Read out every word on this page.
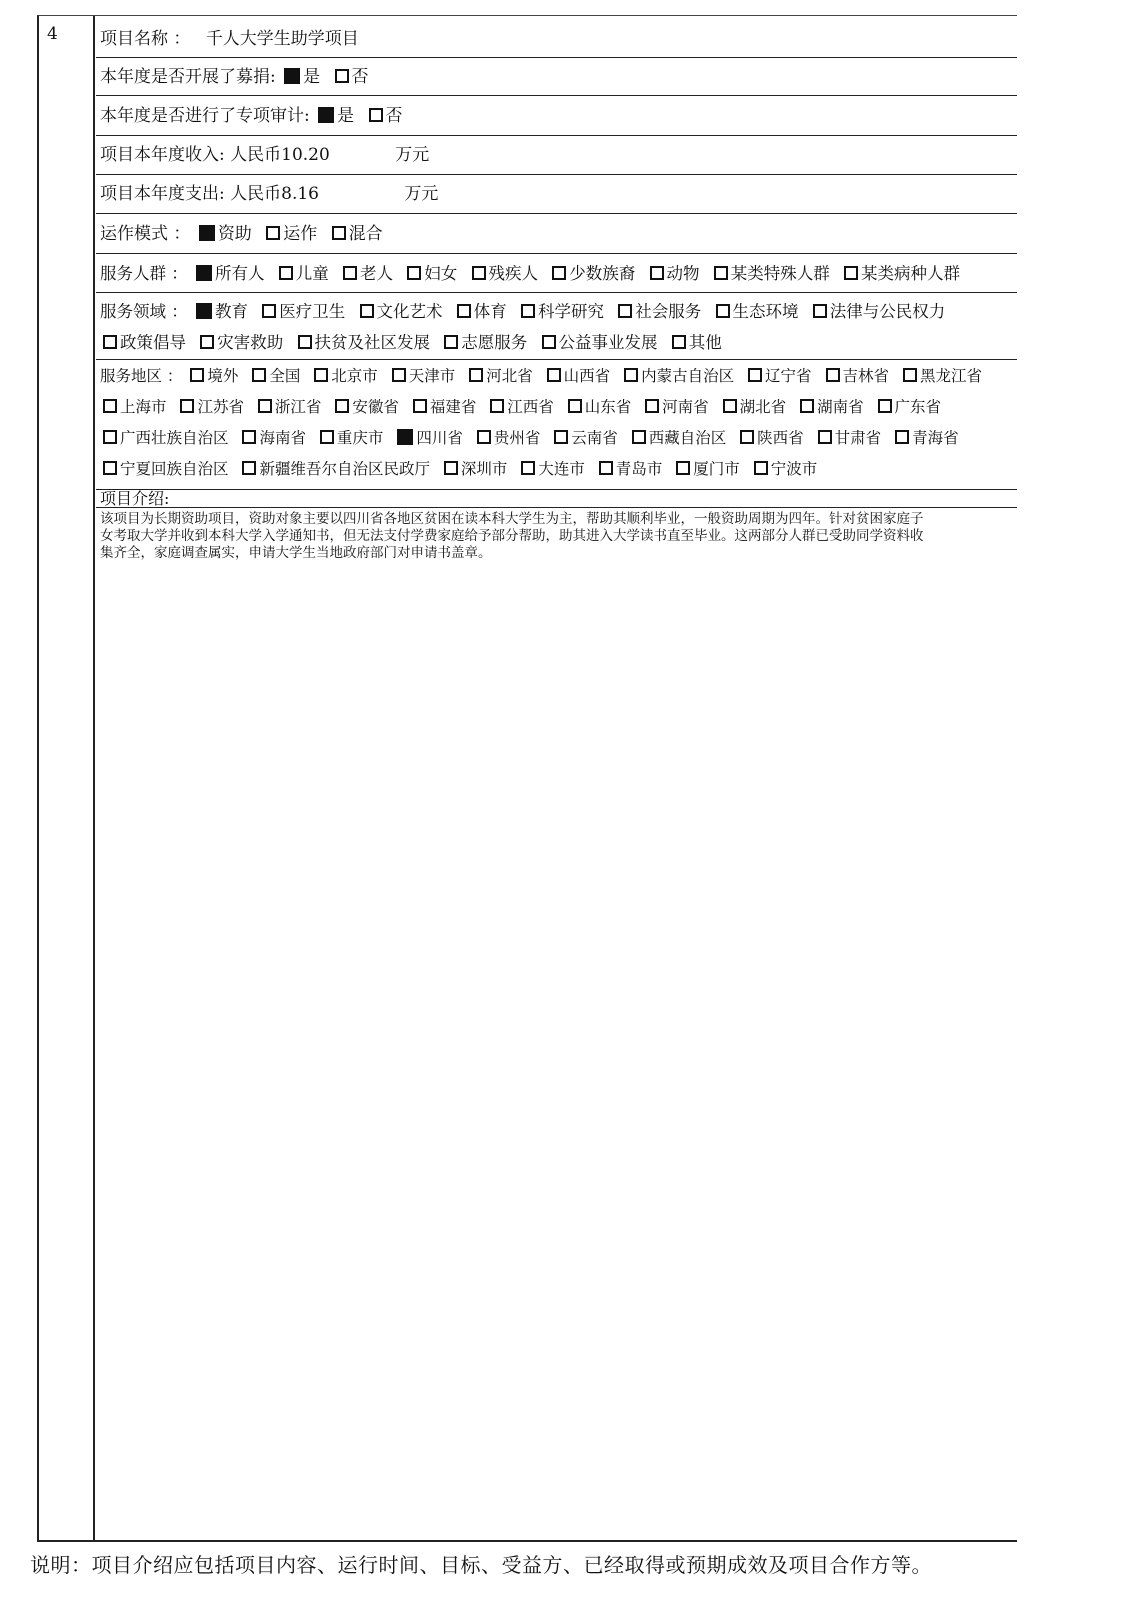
4 项目名称 ： 千人大学生助学项目
本年度是否开展了募捐: 是 否
本年度是否进行了专项审计: 是 否
项目本年度收入: 人民币10.20	万元
项目本年度支出: 人民币8.16	万元
运作模式 ： 资助 运作 混合
服务人群 ： 所有人 儿童 老人 妇女 残疾人 少数族裔 动物 某类特殊人群 某类病种人群
服务领域 ： 教育 医疗卫生 文化艺术 体育 科学研究 社会服务 生态环境 法律与公民权力 政策倡导 灾害救助 扶贫及社区发展 志愿服务 公益事业发展 其他
服务地区 ： 境外 全国 北京市 天津市 河北省 山西省 内蒙古自治区 辽宁省 吉林省 黑龙江省 上海市 江苏省 浙江省 安徽省 福建省 江西省 山东省 河南省 湖北省 湖南省 广东省 广西壮族自治区 海南省 重庆市 四川省 贵州省 云南省 西藏自治区 陕西省 甘肃省 青海省 宁夏回族自治区 新疆维吾尔自治区民政厅 深圳市 大连市 青岛市 厦门市 宁波市
项目介绍:
该项目为长期资助项目，资助对象主要以四川省各地区贫困在读本科大学生为主，帮助其顺利毕业，一般资助周期为四年。针对贫困家庭子女考取大学并收到本科大学入学通知书，但无法支付学费家庭给予部分帮助，助其进入大学读书直至毕业。这两部分人群已受助同学资料收集齐全，家庭调查属实，申请大学生当地政府部门对申请书盖章。
说明：项目介绍应包括项目内容、运行时间、目标、受益方、已经取得或预期成效及项目合作方等。
